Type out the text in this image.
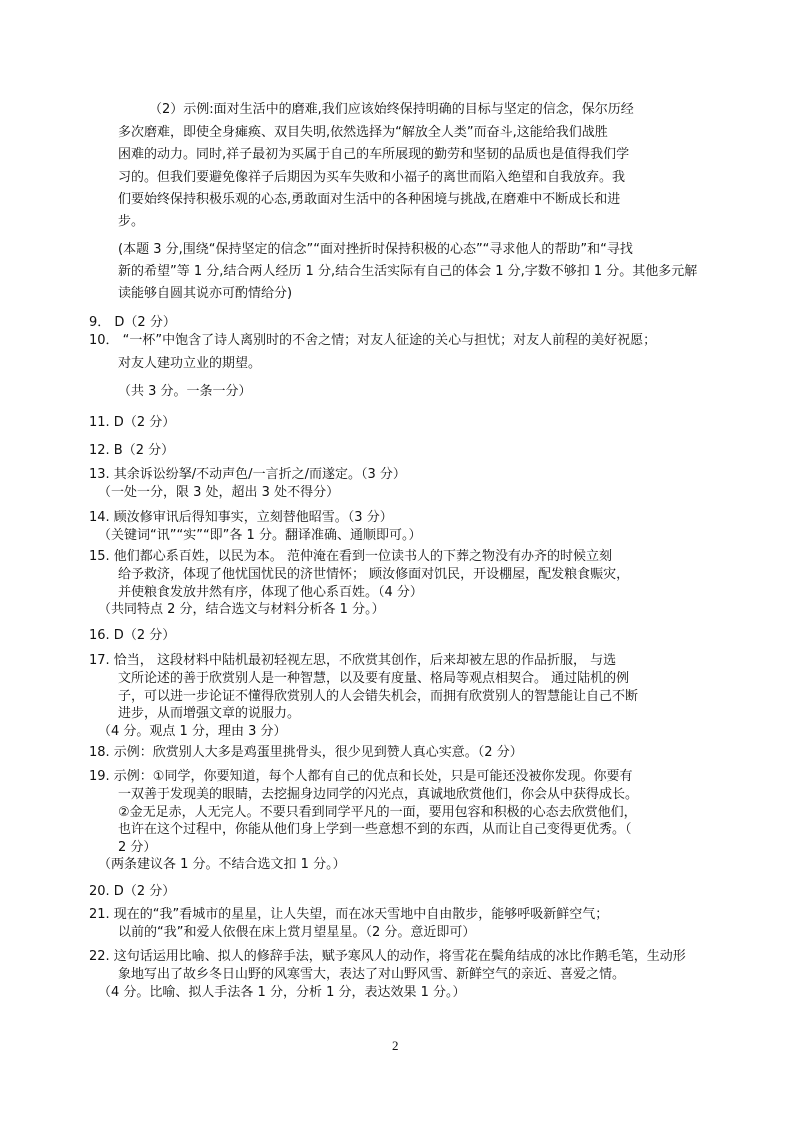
（2）示例:面对生活中的磨难,我们应该始终保持明确的目标与坚定的信念，保尔历经
多次磨难，即使全身瘫痪、双目失明,依然选择为“解放全人类”而奋斗,这能给我们战胜
困难的动力。同时,祥子最初为买属于自己的车所展现的勤劳和坚韧的品质也是值得我们学
习的。但我们要避免像祥子后期因为买车失败和小福子的离世而陷入绝望和自我放弃。我
们要始终保持积极乐观的心态,勇敢面对生活中的各种困境与挑战,在磨难中不断成长和进
步。
(本题 3 分,围绕“保持坚定的信念”“面对挫折时保持积极的心态”“寻求他人的帮助”和“寻找
新的希望”等 1 分,结合两人经历 1 分,结合生活实际有自己的体会 1 分,字数不够扣 1 分。其他多元解
读能够自圆其说亦可酌情给分)
9． D（2 分）
10． “一杯”中饱含了诗人离别时的不舍之情；对友人征途的关心与担忧；对友人前程的美好祝愿；
对友人建功立业的期望。
（共 3 分。一条一分）
11. D（2 分）
12. B（2 分）
13. 其余诉讼纷拏/不动声色/一言折之/而遂定。（3 分）
（一处一分，限 3 处，超出 3 处不得分）
14. 顾汝修审讯后得知事实，立刻替他昭雪。（3 分）
（关键词“讯”“实”“即”各 1 分。翻译准确、通顺即可。）
15. 他们都心系百姓，以民为本。 范仲淹在看到一位读书人的下葬之物没有办齐的时候立刻
给予救济，体现了他忧国忧民的济世情怀； 顾汝修面对饥民，开设棚屋，配发粮食赈灾，
并使粮食发放井然有序，体现了他心系百姓。（4 分）
（共同特点 2 分，结合选文与材料分析各 1 分。）
16. D（2 分）
17. 恰当， 这段材料中陆机最初轻视左思，不欣赏其创作，后来却被左思的作品折服， 与选
文所论述的善于欣赏别人是一种智慧，以及要有度量、格局等观点相契合。 通过陆机的例
子，可以进一步论证不懂得欣赏别人的人会错失机会，而拥有欣赏别人的智慧能让自己不断
进步，从而增强文章的说服力。
（4 分。观点 1 分，理由 3 分）
18. 示例：欣赏别人大多是鸡蛋里挑骨头，很少见到赞人真心实意。（2 分）
19. 示例：①同学，你要知道，每个人都有自己的优点和长处，只是可能还没被你发现。你要有
一双善于发现美的眼睛，去挖掘身边同学的闪光点，真诚地欣赏他们，你会从中获得成长。
②金无足赤，人无完人。不要只看到同学平凡的一面，要用包容和积极的心态去欣赏他们，
也许在这个过程中，你能从他们身上学到一些意想不到的东西，从而让自己变得更优秀。（
2 分）
（两条建议各 1 分。不结合选文扣 1 分。）
20. D（2 分）
21. 现在的“我”看城市的星星，让人失望，而在冰天雪地中自由散步，能够呼吸新鲜空气；
以前的“我”和爱人依偎在床上赏月望星星。（2 分。意近即可）
22. 这句话运用比喻、拟人的修辞手法，赋予寒风人的动作，将雪花在鬓角结成的冰比作鹅毛笔，生动形
象地写出了故乡冬日山野的风寒雪大，表达了对山野风雪、新鲜空气的亲近、喜爱之情。
（4 分。比喻、拟人手法各 1 分，分析 1 分，表达效果 1 分。）
2
